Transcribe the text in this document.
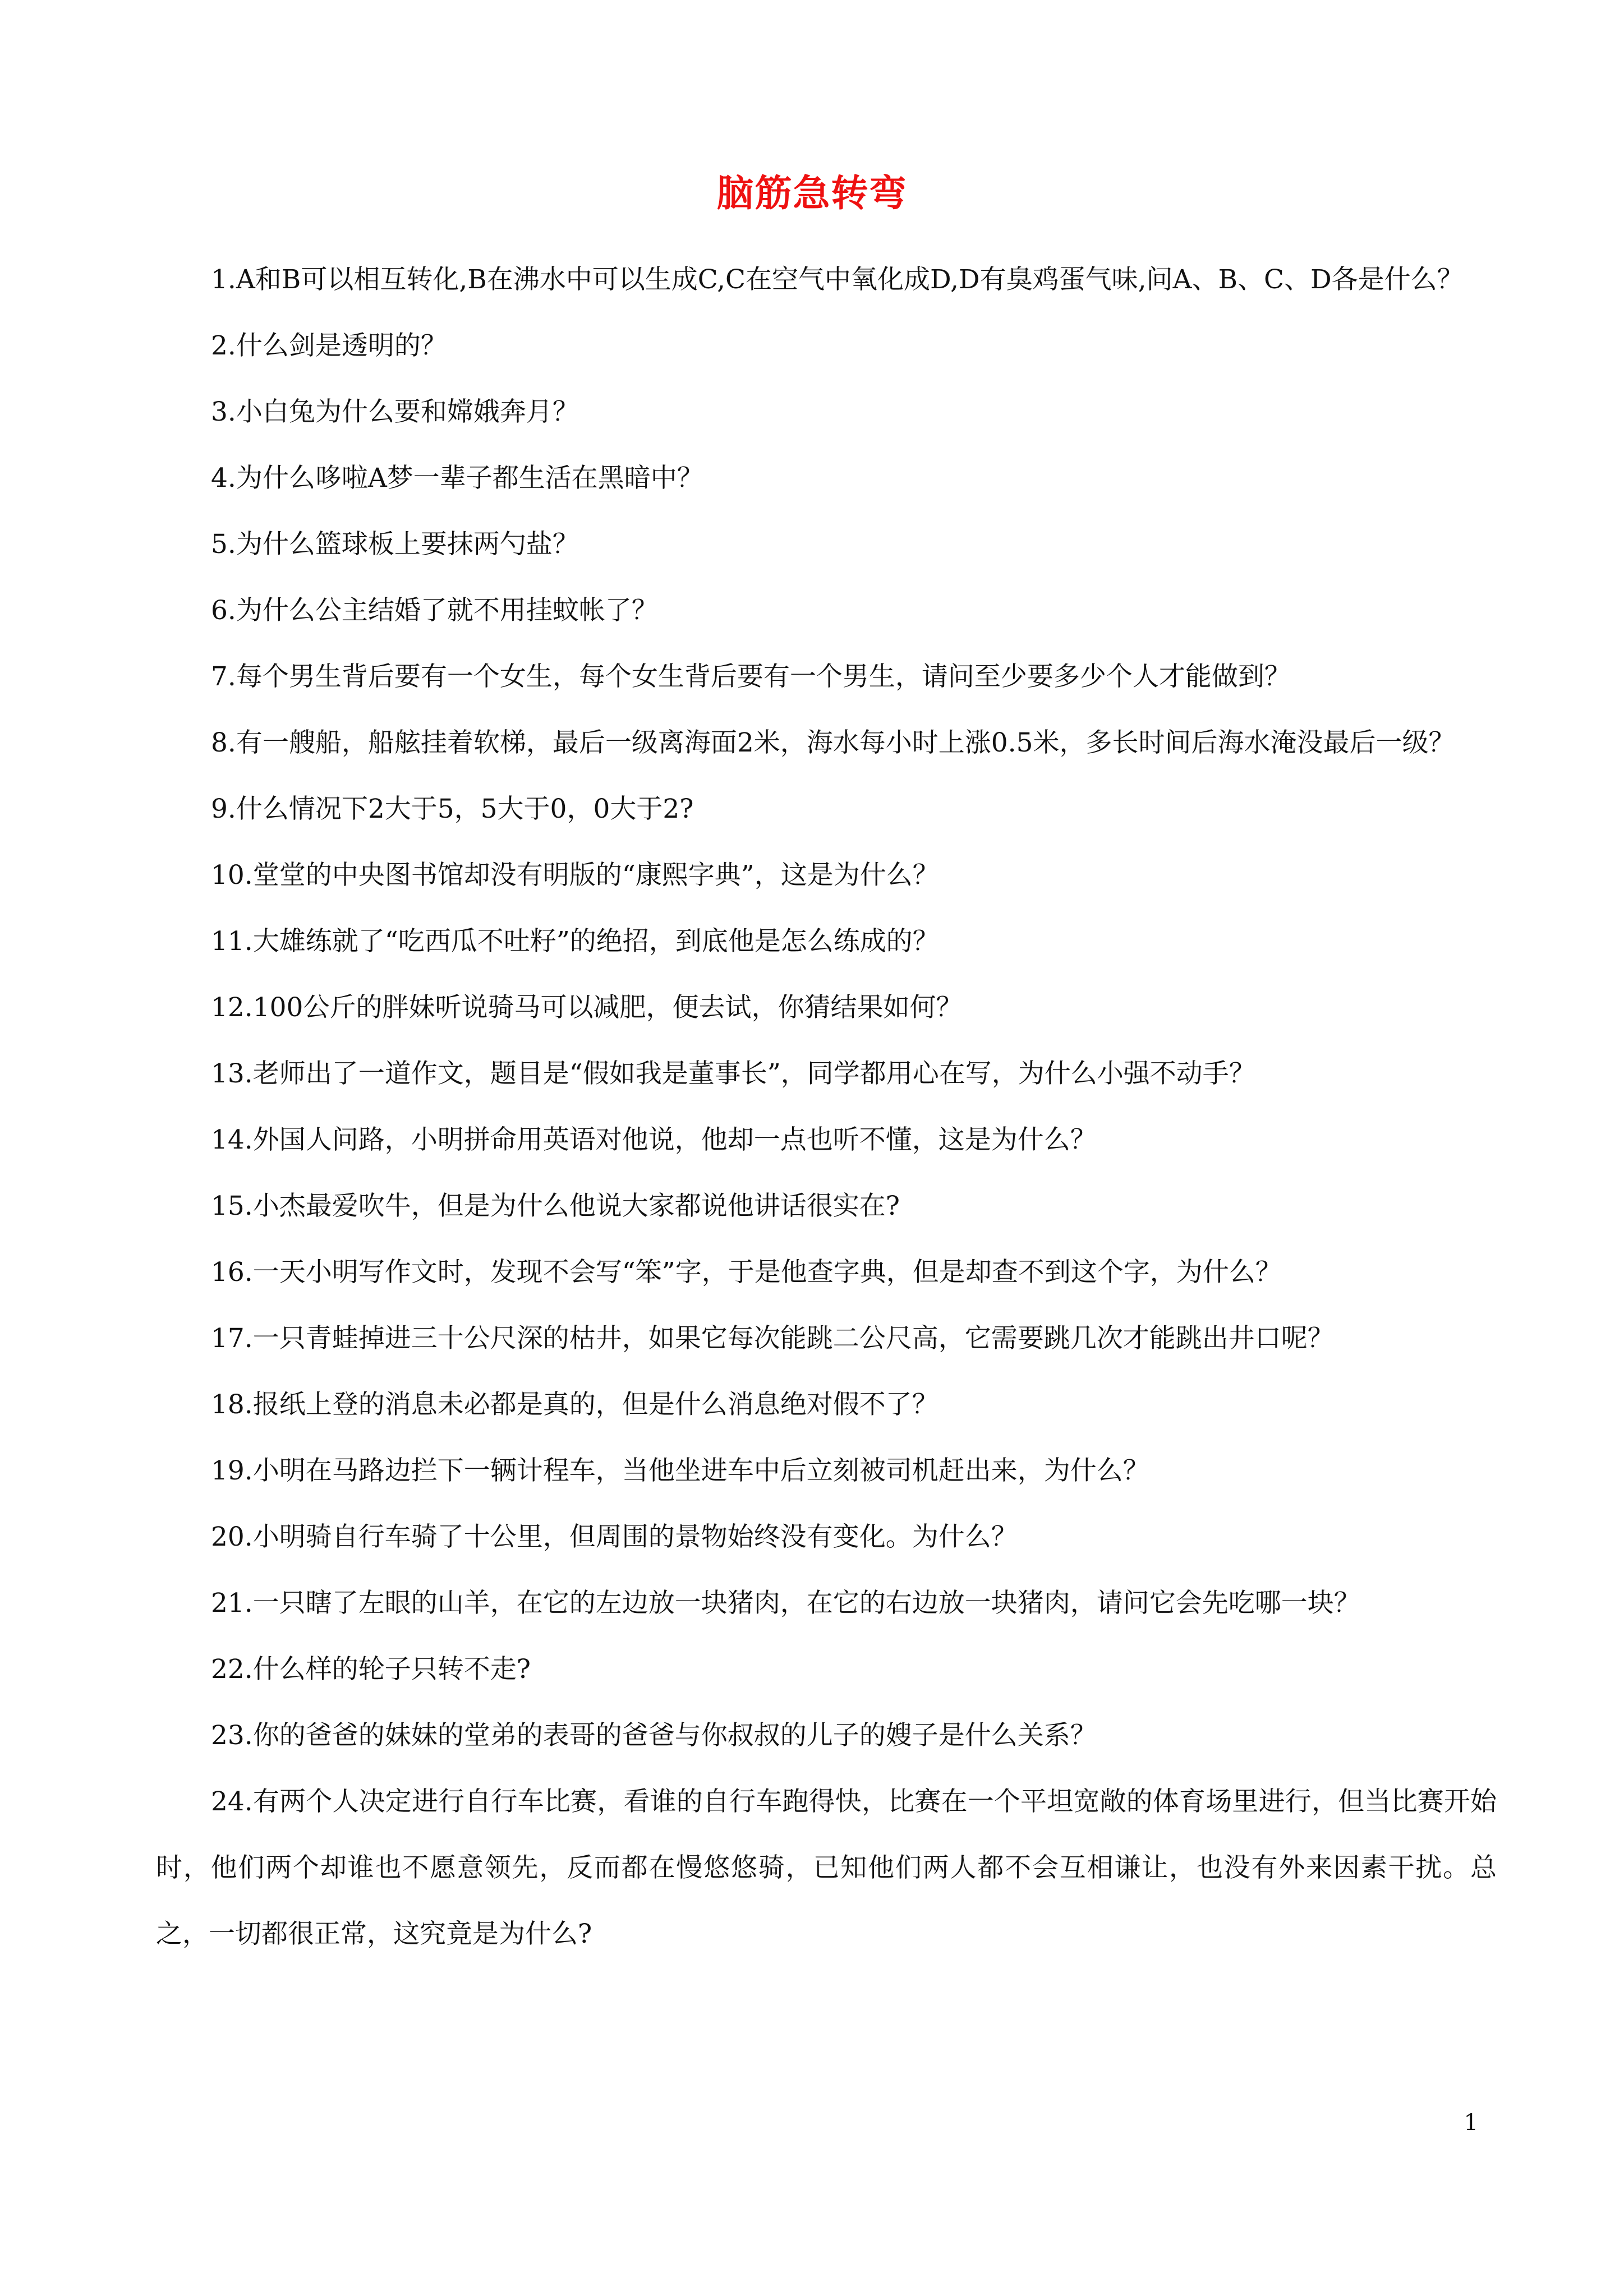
脑筋急转弯
1.A和B可以相互转化,B在沸水中可以生成C,C在空气中氧化成D,D有臭鸡蛋气味,问A、B、C、D各是什么？
2.什么剑是透明的？
3.小白兔为什么要和嫦娥奔月？
4.为什么哆啦A梦一辈子都生活在黑暗中？
5.为什么篮球板上要抹两勺盐？
6.为什么公主结婚了就不用挂蚊帐了？
7.每个男生背后要有一个女生，每个女生背后要有一个男生，请问至少要多少个人才能做到？
8.有一艘船，船舷挂着软梯，最后一级离海面2米，海水每小时上涨0.5米，多长时间后海水淹没最后一级？
9.什么情况下2大于5，5大于0，0大于2?
10.堂堂的中央图书馆却没有明版的“康熙字典”，这是为什么？
11.大雄练就了“吃西瓜不吐籽”的绝招，到底他是怎么练成的？
12.100公斤的胖妹听说骑马可以减肥，便去试，你猜结果如何？
13.老师出了一道作文，题目是“假如我是董事长”，同学都用心在写，为什么小强不动手？
14.外国人问路，小明拼命用英语对他说，他却一点也听不懂，这是为什么？
15.小杰最爱吹牛，但是为什么他说大家都说他讲话很实在?
16.一天小明写作文时，发现不会写“笨”字，于是他查字典，但是却查不到这个字，为什么？
17.一只青蛙掉进三十公尺深的枯井，如果它每次能跳二公尺高，它需要跳几次才能跳出井口呢？
18.报纸上登的消息未必都是真的，但是什么消息绝对假不了？
19.小明在马路边拦下一辆计程车，当他坐进车中后立刻被司机赶出来，为什么？
20.小明骑自行车骑了十公里，但周围的景物始终没有变化。为什么？
21.一只瞎了左眼的山羊，在它的左边放一块猪肉，在它的右边放一块猪肉，请问它会先吃哪一块？
22.什么样的轮子只转不走?
23.你的爸爸的妹妹的堂弟的表哥的爸爸与你叔叔的儿子的嫂子是什么关系？
24.有两个人决定进行自行车比赛，看谁的自行车跑得快，比赛在一个平坦宽敞的体育场里进行，但当比赛开始时，他们两个却谁也不愿意领先，反而都在慢悠悠骑，已知他们两人都不会互相谦让，也没有外来因素干扰。总之，一切都很正常，这究竟是为什么?
1
